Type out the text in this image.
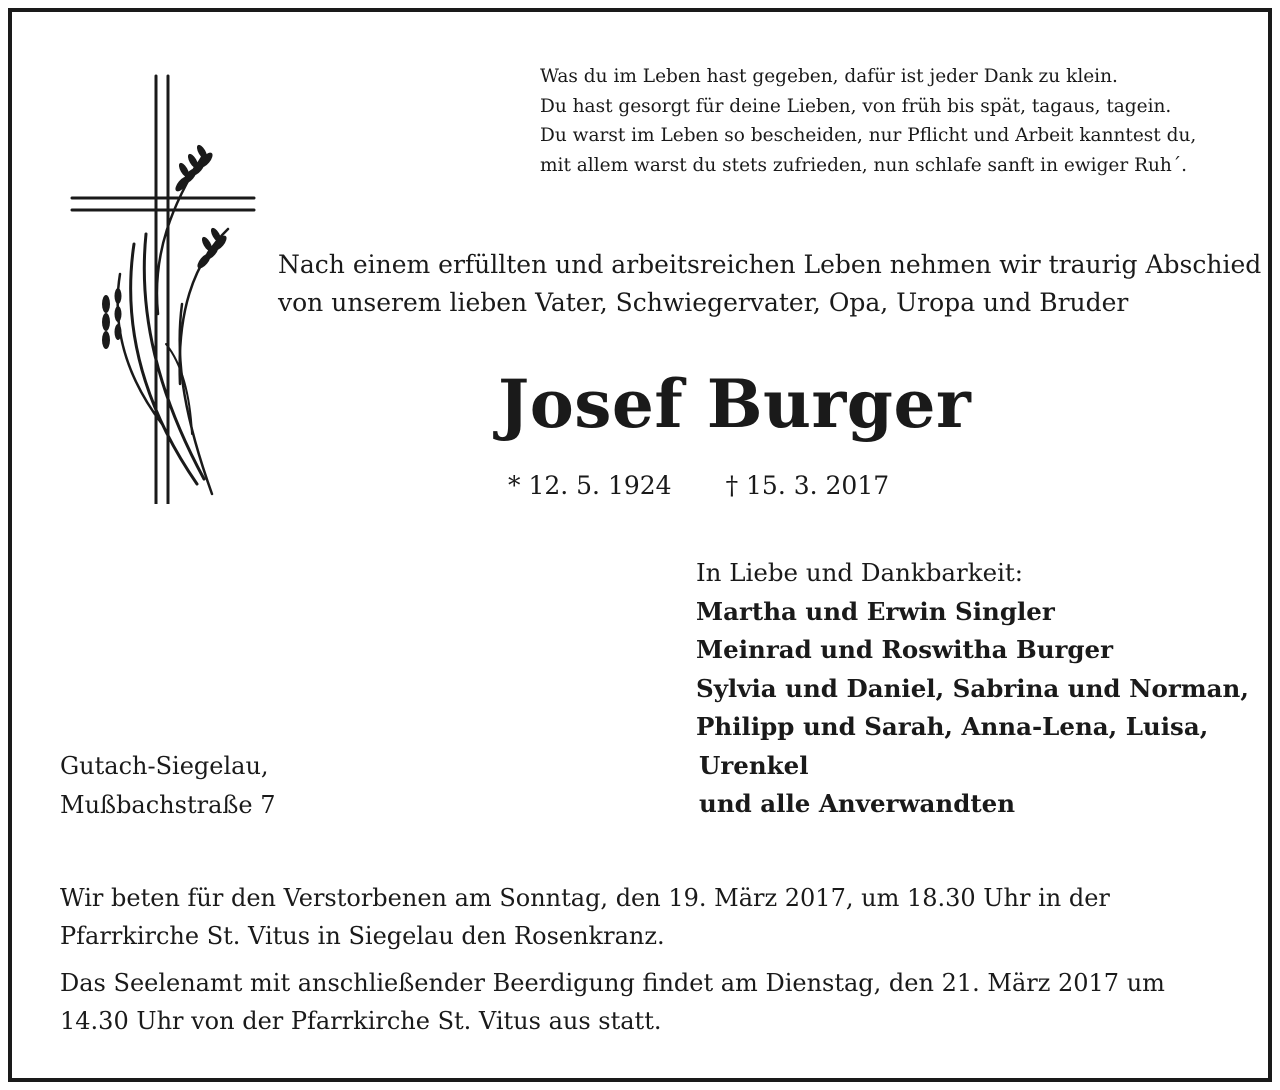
Was du im Leben hast gegeben, dafür ist jeder Dank zu klein.
Du hast gesorgt für deine Lieben, von früh bis spät, tagaus, tagein.
Du warst im Leben so bescheiden, nur Pflicht und Arbeit kanntest du,
mit allem warst du stets zufrieden, nun schlafe sanft in ewiger Ruh´.
Nach einem erfüllten und arbeitsreichen Leben nehmen wir traurig Abschied
von unserem lieben Vater, Schwiegervater, Opa, Uropa und Bruder
Josef Burger
* 12. 5. 1924 † 15. 3. 2017
In Liebe und Dankbarkeit:
Martha und Erwin Singler
Meinrad und Roswitha Burger
Sylvia und Daniel, Sabrina und Norman,
Philipp und Sarah, Anna-Lena, Luisa,
Urenkel
und alle Anverwandten
Gutach-Siegelau,
Mußbachstraße 7
Wir beten für den Verstorbenen am Sonntag, den 19. März 2017, um 18.30 Uhr in der Pfarrkirche St. Vitus in Siegelau den Rosenkranz.
Das Seelenamt mit anschließender Beerdigung findet am Dienstag, den 21. März 2017 um 14.30 Uhr von der Pfarrkirche St. Vitus aus statt.
